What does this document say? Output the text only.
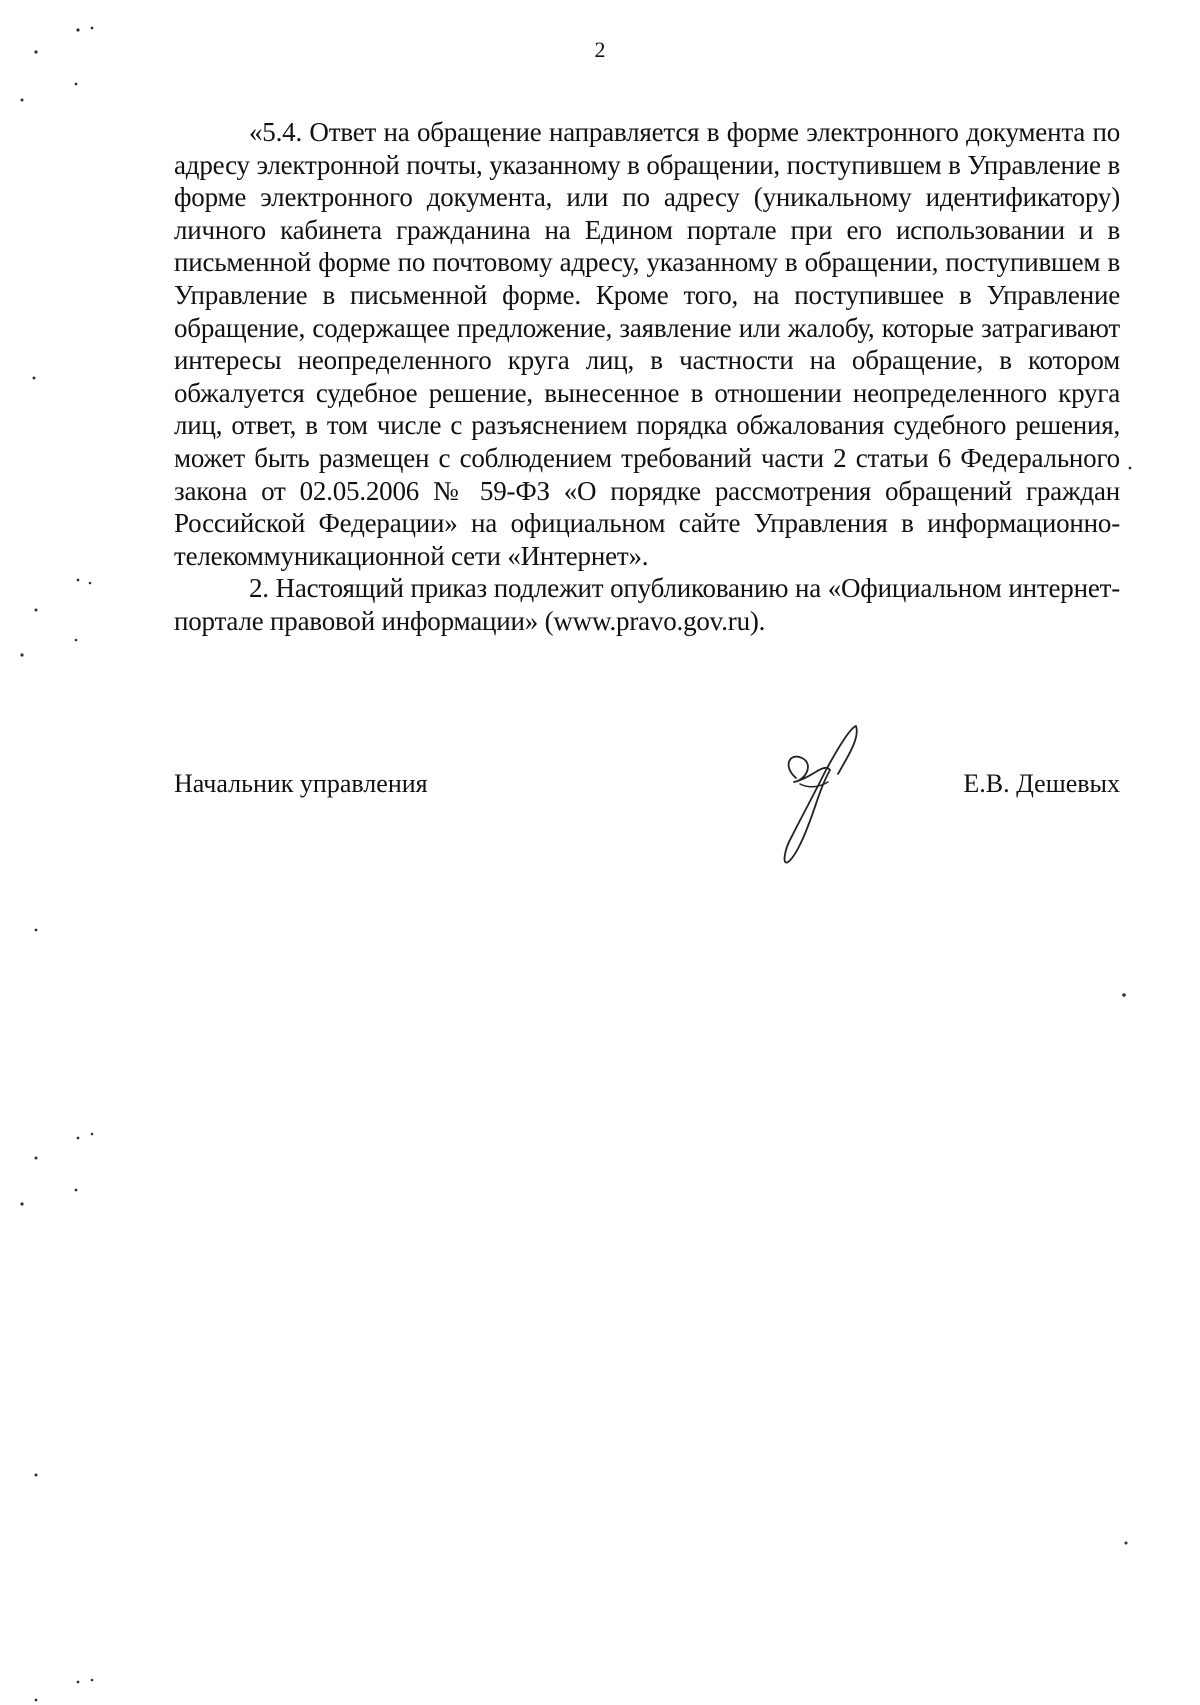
2

«5.4. Ответ на обращение направляется в форме электронного документа по адресу электронной почты, указанному в обращении, поступившем в Управление в форме электронного документа, или по адресу (уникальному идентификатору) личного кабинета гражданина на Едином портале при его использовании и в письменной форме по почтовому адресу, указанному в обращении, поступившем в Управление в письменной форме. Кроме того, на поступившее в Управление обращение, содержащее предложение, заявление или жалобу, которые затрагивают интересы неопределенного круга лиц, в частности на обращение, в котором обжалуется судебное решение, вынесенное в отношении неопределенного круга лиц, ответ, в том числе с разъяснением порядка обжалования судебного решения, может быть размещен с соблюдением требований части 2 статьи 6 Федерального закона от 02.05.2006 № 59-ФЗ «О порядке рассмотрения обращений граждан Российской Федерации» на официальном сайте Управления в информационно-телекоммуникационной сети «Интернет».

2. Настоящий приказ подлежит опубликованию на «Официальном интернет-портале правовой информации» (www.pravo.gov.ru).

Начальник управления	Е.В. Дешевых
